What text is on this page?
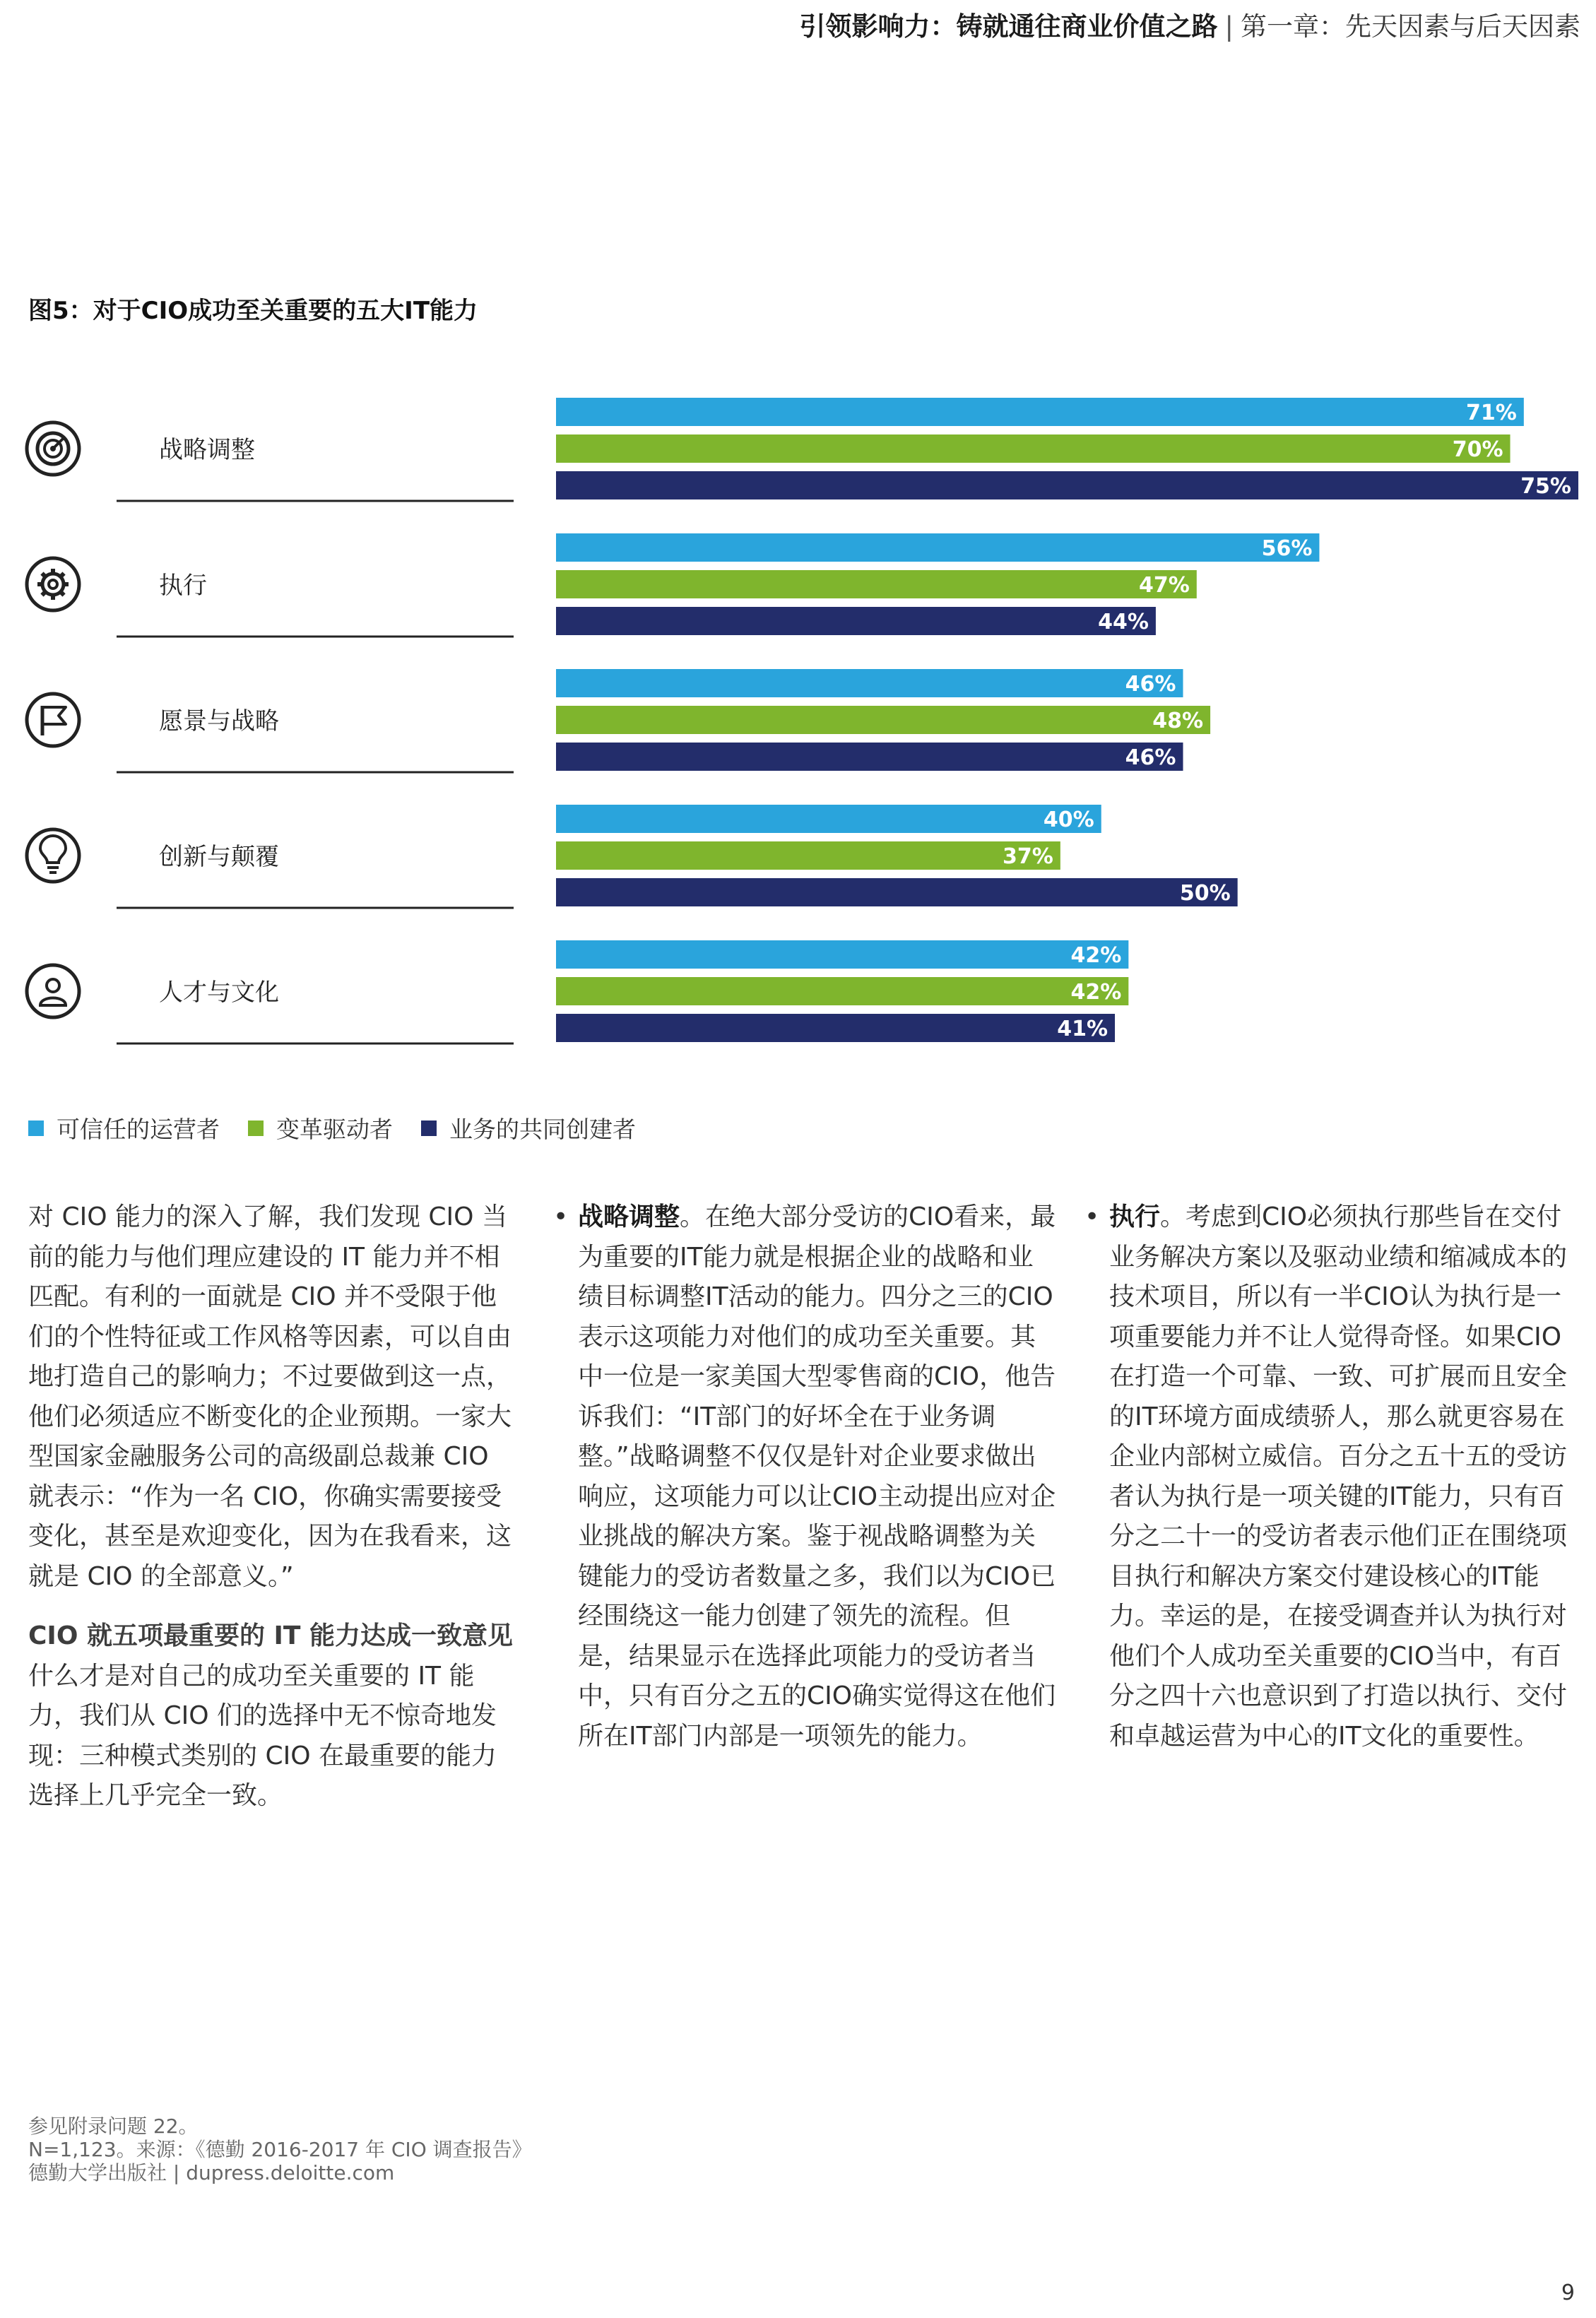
引领影响力：铸就通往商业价值之路 | 第一章：先天因素与后天因素
图5：对于CIO成功至关重要的五大IT能力
战略调整
71%
70%
75%
执行
56%
47%
44%
愿景与战略
46%
48%
46%
创新与颠覆
40%
37%
50%
人才与文化
42%
42%
41%
可信任的运营者 变革驱动者 业务的共同创建者

对 CIO 能力的深入了解，我们发现 CIO 当前的能力与他们理应建设的 IT 能力并不相匹配。有利的一面就是 CIO 并不受限于他们的个性特征或工作风格等因素，可以自由地打造自己的影响力；不过要做到这一点，他们必须适应不断变化的企业预期。一家大型国家金融服务公司的高级副总裁兼 CIO 就表示：“作为一名 CIO，你确实需要接受变化，甚至是欢迎变化，因为在我看来，这就是 CIO 的全部意义。”

CIO 就五项最重要的 IT 能力达成一致意见

什么才是对自己的成功至关重要的 IT 能力，我们从 CIO 们的选择中无不惊奇地发现：三种模式类别的 CIO 在最重要的能力选择上几乎完全一致。

• 战略调整。在绝大部分受访的CIO看来，最为重要的IT能力就是根据企业的战略和业绩目标调整IT活动的能力。四分之三的CIO表示这项能力对他们的成功至关重要。其中一位是一家美国大型零售商的CIO，他告诉我们：“IT部门的好坏全在于业务调整。”战略调整不仅仅是针对企业要求做出响应，这项能力可以让CIO主动提出应对企业挑战的解决方案。鉴于视战略调整为关键能力的受访者数量之多，我们以为CIO已经围绕这一能力创建了领先的流程。但是，结果显示在选择此项能力的受访者当中，只有百分之五的CIO确实觉得这在他们所在IT部门内部是一项领先的能力。
• 执行。考虑到CIO必须执行那些旨在交付业务解决方案以及驱动业绩和缩减成本的技术项目，所以有一半CIO认为执行是一项重要能力并不让人觉得奇怪。如果CIO在打造一个可靠、一致、可扩展而且安全的IT环境方面成绩骄人，那么就更容易在企业内部树立威信。百分之五十五的受访者认为执行是一项关键的IT能力，只有百分之二十一的受访者表示他们正在围绕项目执行和解决方案交付建设核心的IT能力。幸运的是，在接受调查并认为执行对他们个人成功至关重要的CIO当中，有百分之四十六也意识到了打造以执行、交付和卓越运营为中心的IT文化的重要性。
参见附录问题 22。
N=1,123。来源：《德勤 2016-2017 年 CIO 调查报告》
德勤大学出版社 | dupress.deloitte.com
9
